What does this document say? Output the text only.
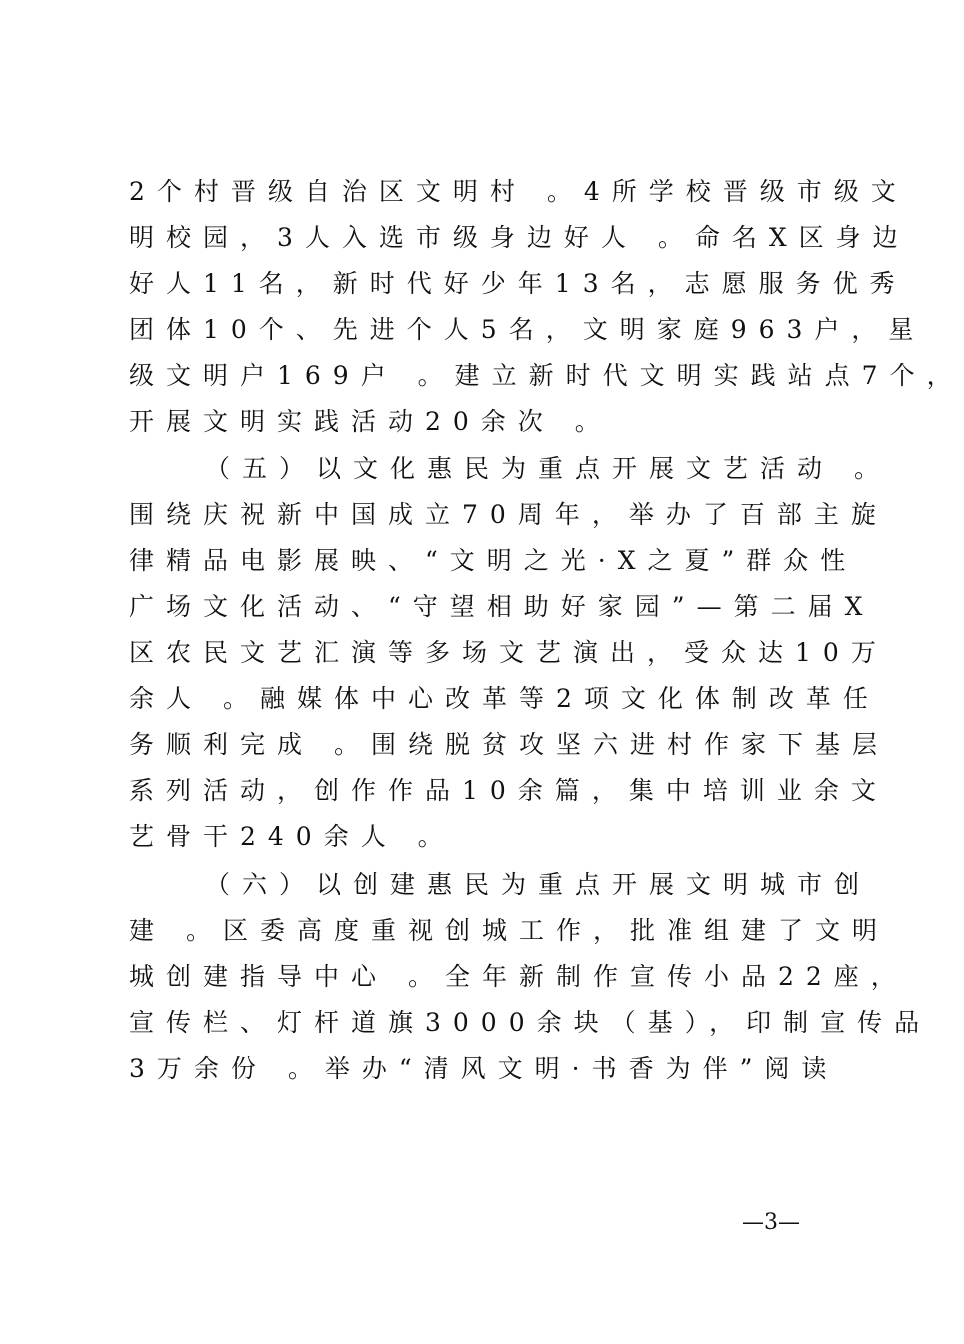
2个村晋级自治区文明村 。4所学校晋级市级文
明校园，3人入选市级身边好人 。命名X区身边
好人11名，新时代好少年13名，志愿服务优秀
团体10个、先进个人5名，文明家庭963户，星
级文明户169户 。建立新时代文明实践站点7个，
开展文明实践活动20余次 。
（五）以文化惠民为重点开展文艺活动 。
围绕庆祝新中国成立70周年，举办了百部主旋
律精品电影展映、“文明之光·X之夏”群众性
广场文化活动、“守望相助好家园”—第二届X
区农民文艺汇演等多场文艺演出，受众达10万
余人 。融媒体中心改革等2项文化体制改革任
务顺利完成 。围绕脱贫攻坚六进村作家下基层
系列活动，创作作品10余篇，集中培训业余文
艺骨干240余人 。
（六）以创建惠民为重点开展文明城市创
建 。区委高度重视创城工作，批准组建了文明
城创建指导中心 。全年新制作宣传小品22座，
宣传栏、灯杆道旗3000余块（基），印制宣传品
3万余份 。举办“清风文明·书香为伴”阅读
—3—
